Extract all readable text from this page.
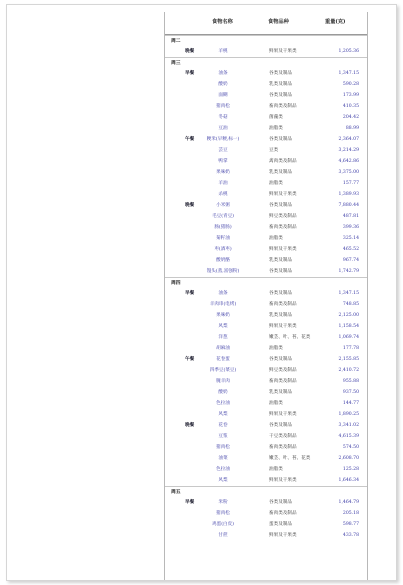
食物名称	食物品种	重量(克)
周二
晚餐	羊桃	鲜果及干果类	1,205.36
周三
早餐	油条	谷类及制品	1,347.15
酸奶	乳类及制品	590.28
面糊	谷类及制品	173.99
猪肉松	畜肉类及制品	410.35
冬菇	菌藻类	204.42
豆油	油脂类	88.99
午餐	粳米(早粳,标一)	谷类及制品	2,364.07
芸豆	豆类	3,214.29
鸭掌	禽肉类及制品	4,642.86
果味奶	乳类及制品	3,375.00
羊油	油脂类	157.77
杀桃	鲜果及干果类	1,389.93
晚餐	小米粥	谷类及制品	7,880.44
毛豆(青豆)	鲜豆类及制品	487.81
肠(猪肠)	畜肉类及制品	399.36
菊籽油	油脂类	325.14
枣(酒枣)	鲜果及干果类	465.52
酸奶酪	乳类及制品	967.74
馒头(蒸,富强粉)	谷类及制品	1,742.79
周四
早餐	油条	谷类及制品	1,347.15
羊肉串(电烤)	畜肉类及制品	748.85
果味奶	乳类及制品	2,125.00
风梨	鲜果及干果类	1,158.54
洋葱	嫩茎、叶、苔、花类	1,069.74
胡麻油	油脂类	177.78
午餐	花卷蛋	谷类及制品	2,155.85
四季豆(菜豆)	鲜豆类及制品	2,410.72
腌羊肉	畜肉类及制品	955.88
酸奶	乳类及制品	937.50
色拉油	油脂类	144.77
风梨	鲜果及干果类	1,890.25
晚餐	花卷	谷类及制品	3,341.02
豆浆	干豆类及制品	4,615.39
猪肉松	畜肉类及制品	574.50
油菜	嫩茎、叶、苔、花类	2,608.70
色拉油	油脂类	125.28
风梨	鲜果及干果类	1,646.34
周五
早餐	米粉	谷类及制品	1,464.79
猪肉松	畜肉类及制品	205.18
鸡蛋(白皮)	蛋类及制品	598.77
甘蔗	鲜果及干果类	433.78
